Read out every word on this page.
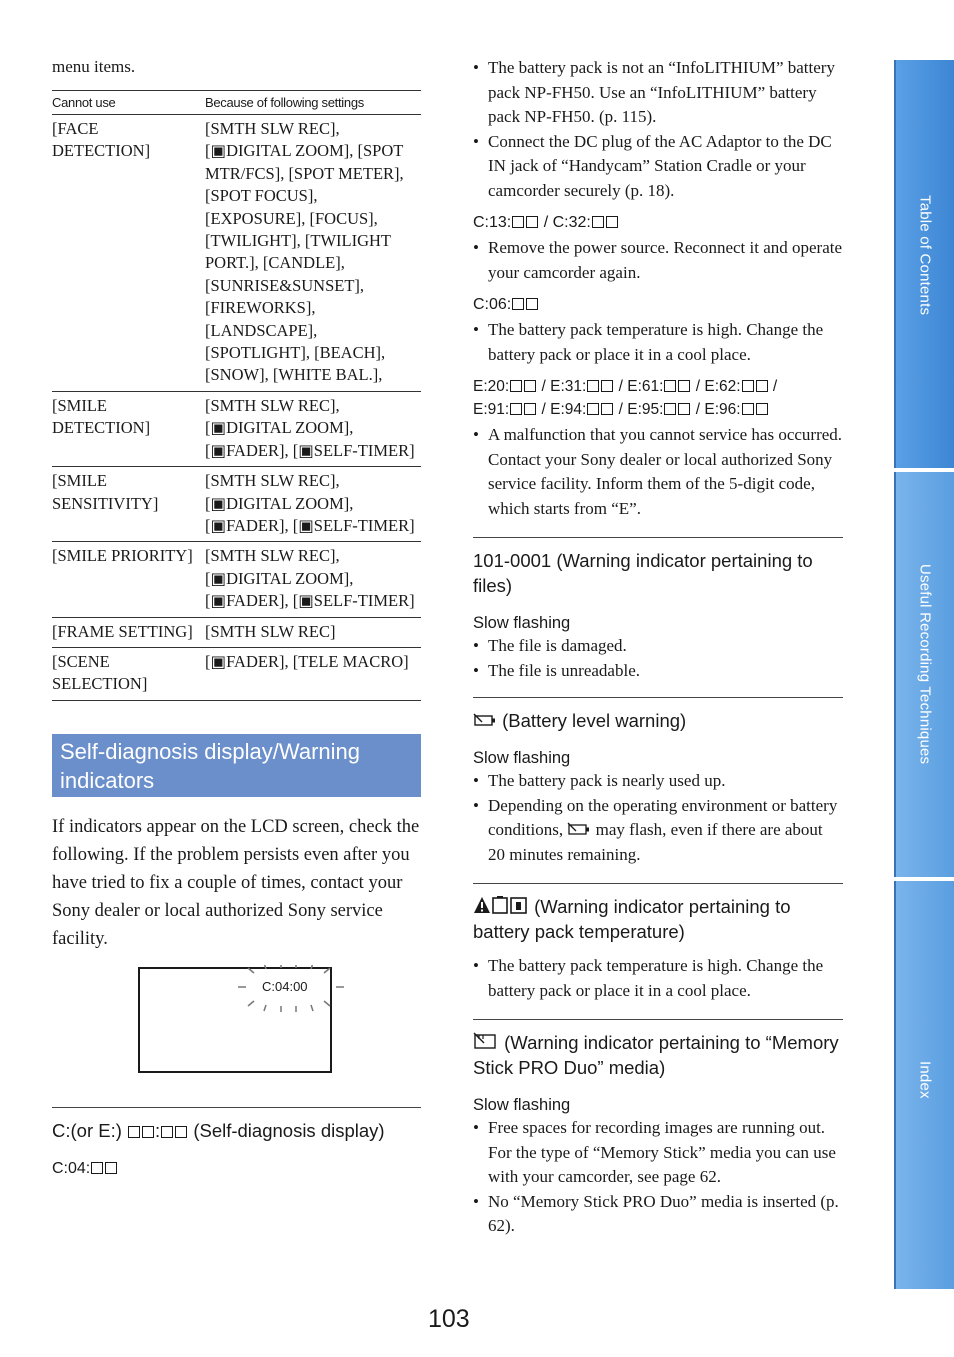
menu items.
Cannot use	Because of following settings
[FACE DETECTION]	[SMTH SLW REC], [▣DIGITAL ZOOM], [SPOT MTR/FCS], [SPOT METER], [SPOT FOCUS], [EXPOSURE], [FOCUS], [TWILIGHT], [TWILIGHT PORT.], [CANDLE], [SUNRISE&SUNSET], [FIREWORKS], [LANDSCAPE], [SPOTLIGHT], [BEACH], [SNOW], [WHITE BAL.],
[SMILE DETECTION]	[SMTH SLW REC], [▣DIGITAL ZOOM], [▣FADER], [▣SELF-TIMER]
[SMILE SENSITIVITY]	[SMTH SLW REC], [▣DIGITAL ZOOM], [▣FADER], [▣SELF-TIMER]
[SMILE PRIORITY]	[SMTH SLW REC], [▣DIGITAL ZOOM], [▣FADER], [▣SELF-TIMER]
[FRAME SETTING]	[SMTH SLW REC]
[SCENE SELECTION]	[▣FADER], [TELE MACRO]
Self-diagnosis display/Warning indicators
If indicators appear on the LCD screen, check the following. If the problem persists even after you have tried to fix a couple of times, contact your Sony dealer or local authorized Sony service facility.
C:04:00
C:(or E:) : (Self-diagnosis display)
C:04:
• The battery pack is not an “InfoLITHIUM” battery pack NP-FH50. Use an “InfoLITHIUM” battery pack NP-FH50. (p. 115).
• Connect the DC plug of the AC Adaptor to the DC IN jack of “Handycam” Station Cradle or your camcorder securely (p. 18).
C:13: / C:32:
• Remove the power source. Reconnect it and operate your camcorder again.
C:06:
• The battery pack temperature is high. Change the battery pack or place it in a cool place.
E:20: / E:31: / E:61: / E:62: /
E:91: / E:94: / E:95: / E:96:
• A malfunction that you cannot service has occurred. Contact your Sony dealer or local authorized Sony service facility. Inform them of the 5-digit code, which starts from “E”.
101-0001 (Warning indicator pertaining to files)
Slow flashing
• The file is damaged.
• The file is unreadable.
(Battery level warning)
Slow flashing
• The battery pack is nearly used up.
• Depending on the operating environment or battery conditions, may flash, even if there are about 20 minutes remaining.
(Warning indicator pertaining to battery pack temperature)
• The battery pack temperature is high. Change the battery pack or place it in a cool place.
(Warning indicator pertaining to “Memory Stick PRO Duo” media)
Slow flashing
• Free spaces for recording images are running out. For the type of “Memory Stick” media you can use with your camcorder, see page 62.
• No “Memory Stick PRO Duo” media is inserted (p. 62).
Table of Contents
Useful Recording Techniques
Index
103
